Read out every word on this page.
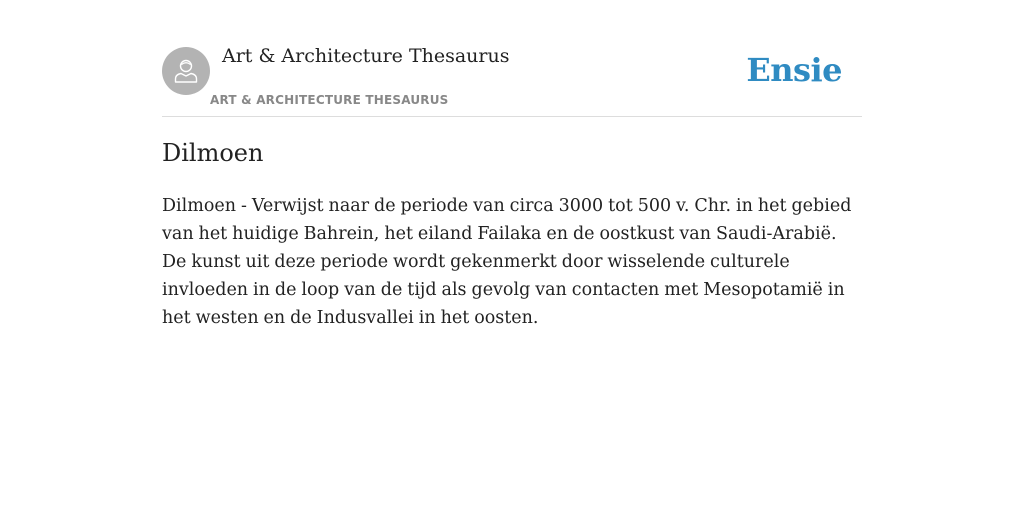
Art & Architecture Thesaurus
ART & ARCHITECTURE THESAURUS
Ensie
Dilmoen

Dilmoen - Verwijst naar de periode van circa 3000 tot 500 v. Chr. in het gebied van het huidige Bahrein, het eiland Failaka en de oostkust van Saudi-Arabië. De kunst uit deze periode wordt gekenmerkt door wisselende culturele invloeden in de loop van de tijd als gevolg van contacten met Mesopotamië in het westen en de Indusvallei in het oosten.
